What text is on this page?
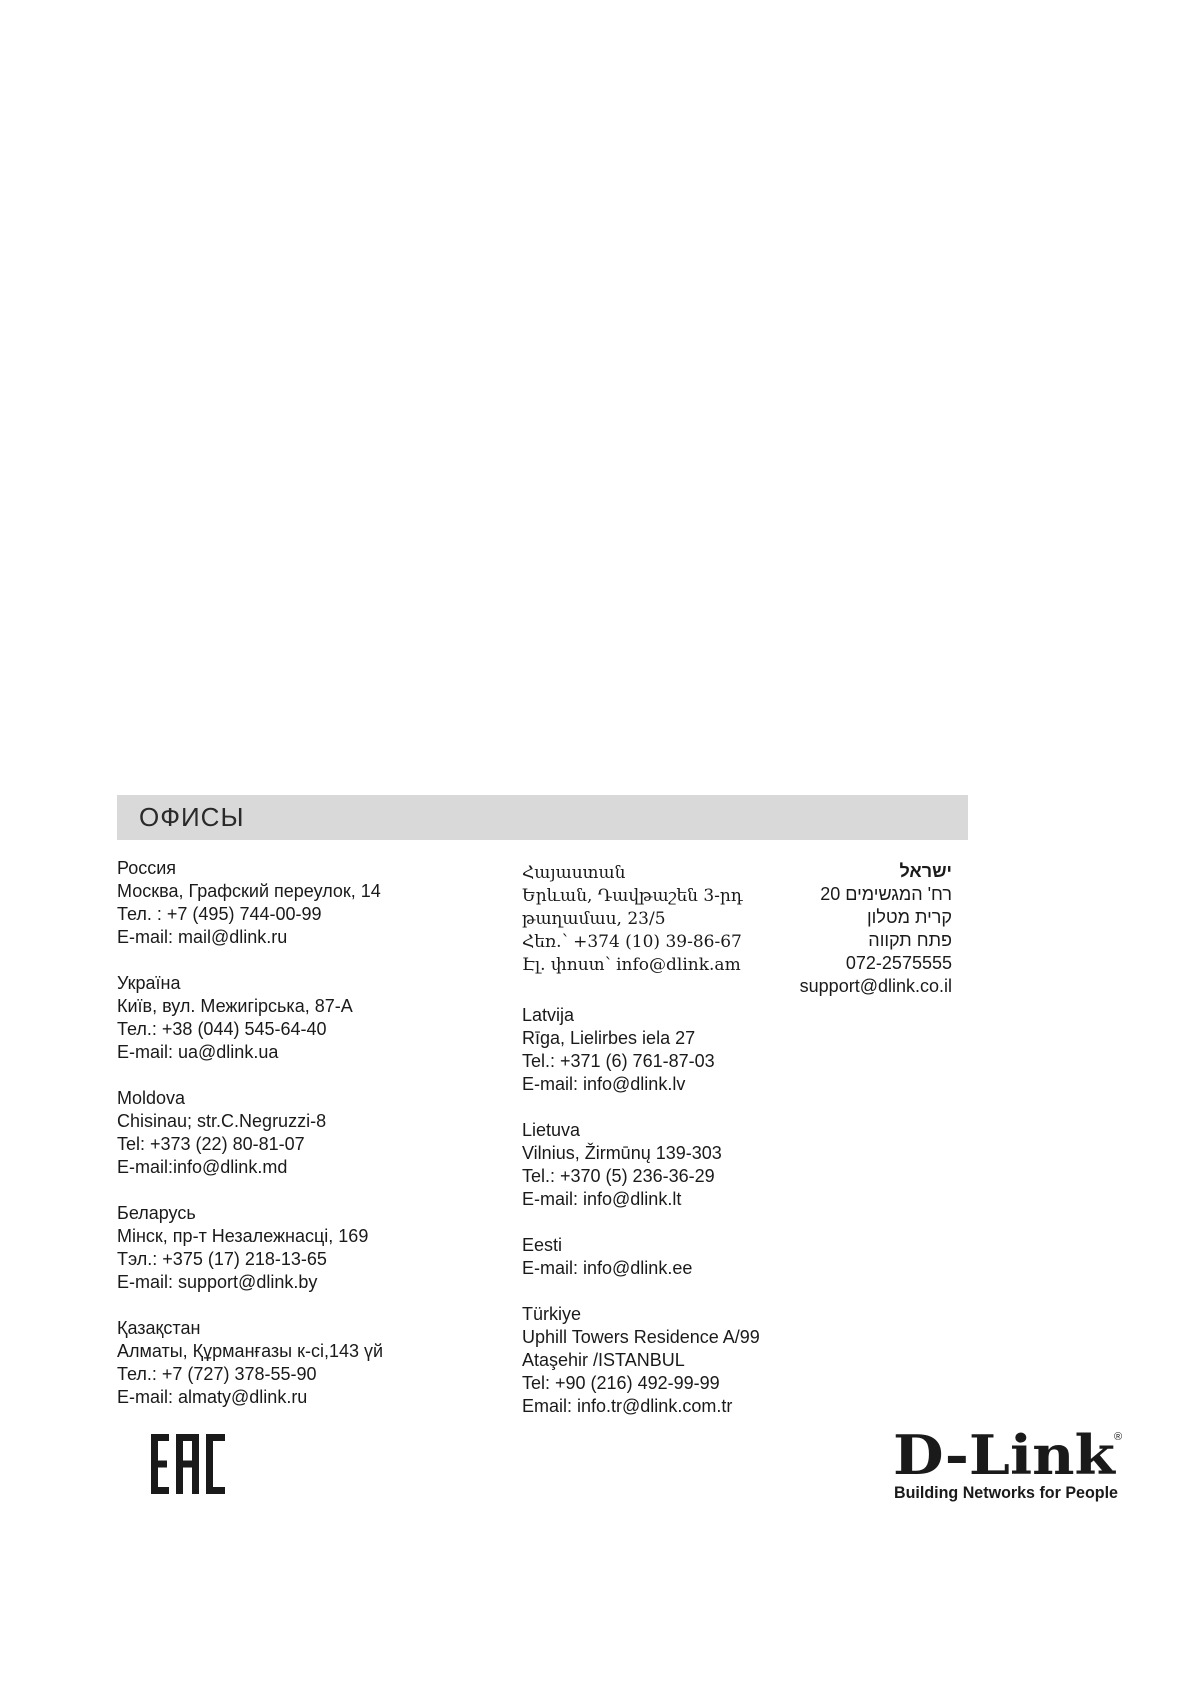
ОФИСЫ
Россия
Москва, Графский переулок, 14
Тел. : +7 (495) 744-00-99
E-mail: mail@dlink.ru
Україна
Київ, вул. Межигірська, 87-А
Тел.: +38 (044) 545-64-40
E-mail: ua@dlink.ua
Moldova
Chisinau; str.C.Negruzzi-8
Tel: +373 (22) 80-81-07
E-mail:info@dlink.md
Беларусь
Мінск, пр-т Незалежнасці, 169
Тэл.: +375 (17) 218-13-65
E-mail: support@dlink.by
Қазақстан
Алматы, Құрманғазы к-сі,143 үй
Тел.: +7 (727) 378-55-90
E-mail: almaty@dlink.ru
Հայաստան
Երևան, Դավթաշեն 3-րդ
թաղամաս, 23/5
Հեռ.՝ +374 (10) 39-86-67
Էլ. փոստ՝ info@dlink.am
Latvija
Rīga, Lielirbes iela 27
Tel.: +371 (6) 761-87-03
E-mail: info@dlink.lv
Lietuva
Vilnius, Žirmūnų 139-303
Tel.: +370 (5) 236-36-29
E-mail: info@dlink.lt
Eesti
E-mail: info@dlink.ee
Türkiye
Uphill Towers Residence A/99
Ataşehir /ISTANBUL
Tel: +90 (216) 492-99-99
Email: info.tr@dlink.com.tr
ישראל
רח' המגשימים 20
קרית מטלון
פתח תקווה
072-2575555
support@dlink.co.il
D-Link
®
Building Networks for People
